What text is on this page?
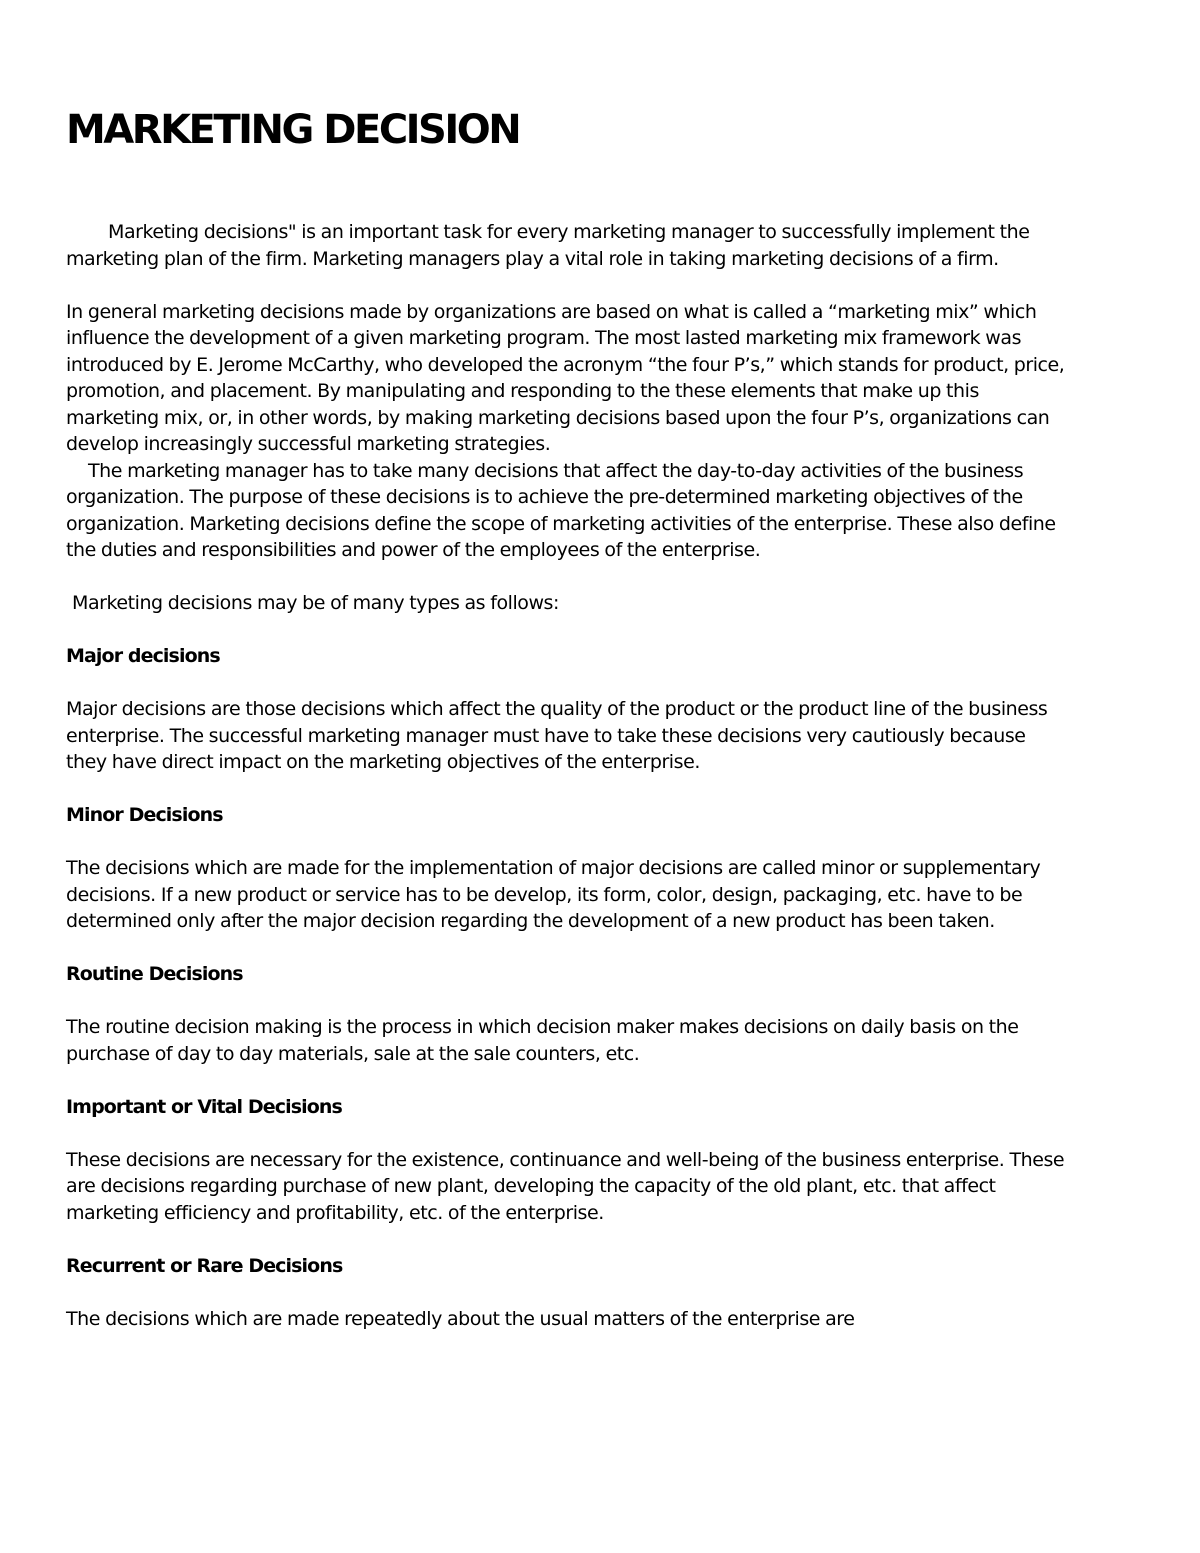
MARKETING DECISION

Marketing decisions" is an important task for every marketing manager to successfully implement the marketing plan of the firm. Marketing managers play a vital role in taking marketing decisions of a firm.

In general marketing decisions made by organizations are based on what is called a “marketing mix” which influence the development of a given marketing program. The most lasted marketing mix framework was introduced by E. Jerome McCarthy, who developed the acronym “the four P’s,” which stands for product, price, promotion, and placement. By manipulating and responding to the these elements that make up this marketing mix, or, in other words, by making marketing decisions based upon the four P’s, organizations can develop increasingly successful marketing strategies.

The marketing manager has to take many decisions that affect the day-to-day activities of the business organization. The purpose of these decisions is to achieve the pre-determined marketing objectives of the organization. Marketing decisions define the scope of marketing activities of the enterprise. These also define the duties and responsibilities and power of the employees of the enterprise.

Marketing decisions may be of many types as follows:

Major decisions

Major decisions are those decisions which affect the quality of the product or the product line of the business enterprise. The successful marketing manager must have to take these decisions very cautiously because they have direct impact on the marketing objectives of the enterprise.

Minor Decisions

The decisions which are made for the implementation of major decisions are called minor or supplementary decisions. If a new product or service has to be develop, its form, color, design, packaging, etc. have to be determined only after the major decision regarding the development of a new product has been taken.

Routine Decisions

The routine decision making is the process in which decision maker makes decisions on daily basis on the purchase of day to day materials, sale at the sale counters, etc.

Important or Vital Decisions

These decisions are necessary for the existence, continuance and well-being of the business enterprise. These are decisions regarding purchase of new plant, developing the capacity of the old plant, etc. that affect marketing efficiency and profitability, etc. of the enterprise.

Recurrent or Rare Decisions

The decisions which are made repeatedly about the usual matters of the enterprise are
